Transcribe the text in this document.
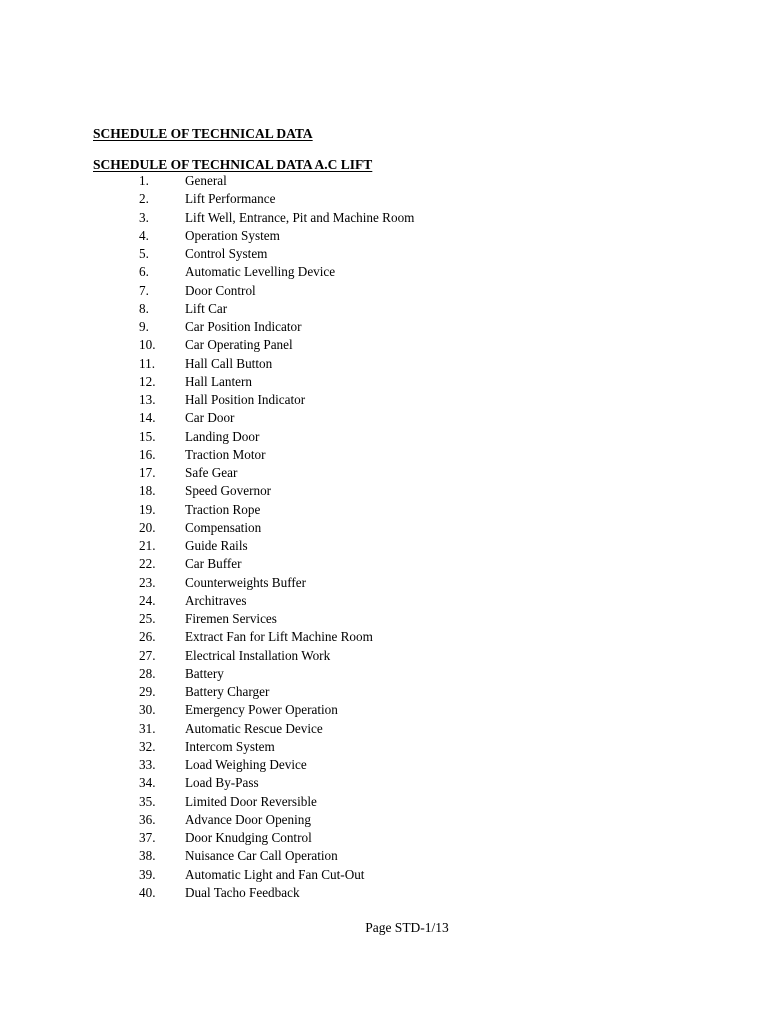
SCHEDULE OF TECHNICAL DATA
SCHEDULE OF TECHNICAL DATA A.C LIFT
1.	General
2.	Lift Performance
3.	Lift Well, Entrance, Pit and Machine Room
4.	Operation System
5.	Control System
6.	Automatic Levelling Device
7.	Door Control
8.	Lift Car
9.	Car Position Indicator
10. Car Operating Panel
11. Hall Call Button
12. Hall Lantern
13. Hall Position Indicator
14. Car Door
15. Landing Door
16. Traction Motor
17. Safe Gear
18. Speed Governor
19. Traction Rope
20. Compensation
21. Guide Rails
22. Car Buffer
23. Counterweights Buffer
24. Architraves
25. Firemen Services
26. Extract Fan for Lift Machine Room
27. Electrical Installation Work
28. Battery
29. Battery Charger
30. Emergency Power Operation
31. Automatic Rescue Device
32. Intercom System
33. Load Weighing Device
34. Load By-Pass
35. Limited Door Reversible
36. Advance Door Opening
37. Door Knudging Control
38. Nuisance Car Call Operation
39. Automatic Light and Fan Cut-Out
40. Dual Tacho Feedback
Page STD-1/13
